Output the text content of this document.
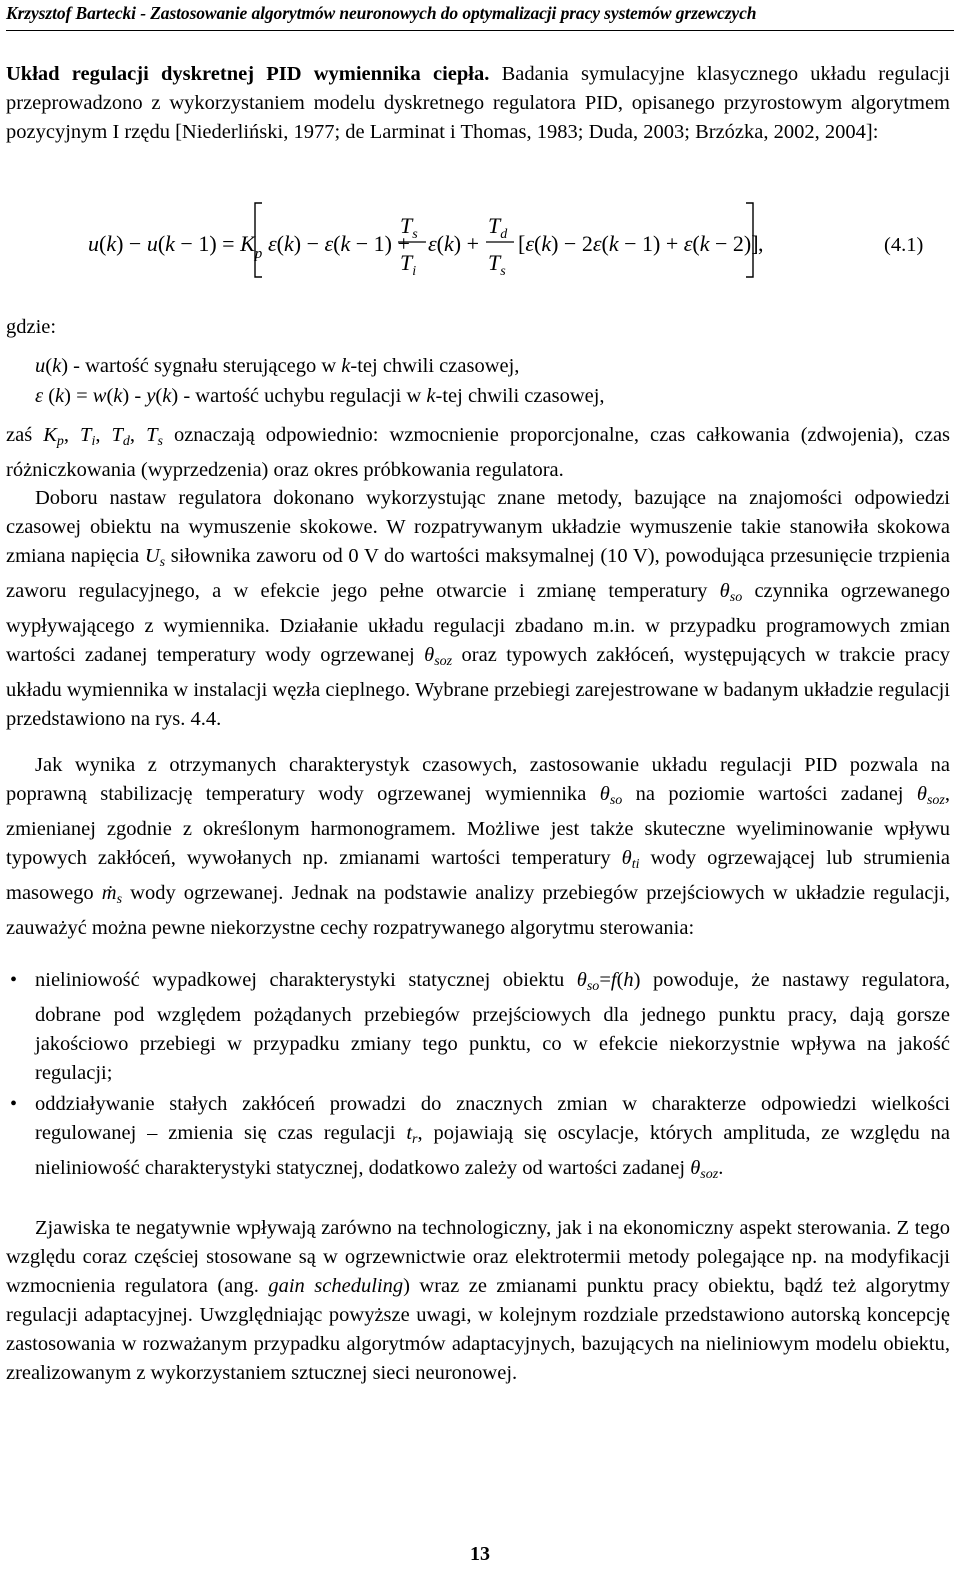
Krzysztof Bartecki - Zastosowanie algorytmów neuronowych do optymalizacji pracy systemów grzewczych

Układ regulacji dyskretnej PID wymiennika ciepła. Badania symulacyjne klasycznego układu regulacji przeprowadzono z wykorzystaniem modelu dyskretnego regulatora PID, opisanego przyrostowym algorytmem pozycyjnym I rzędu [Niederliński, 1977; de Larminat i Thomas, 1983; Duda, 2003; Brzózka, 2002, 2004]:

$u(k) - u(k - 1) = K_p$ ε(k) − ε(k − 1) +
$T_s$
$T_i$
ε(k) +
$T_d$
$T_s$
[ε(k) − 2ε(k − 1) + ε(k − 2)] ,	(4.1)

gdzie:

u(k) - wartość sygnału sterującego w k-tej chwili czasowej,

ε (k) = w(k) - y(k) - wartość uchybu regulacji w k-tej chwili czasowej,

zaś $K_p$, $T_i$, $T_d$, $T_s$ oznaczają odpowiednio: wzmocnienie proporcjonalne, czas całkowania (zdwojenia), czas różniczkowania (wyprzedzenia) oraz okres próbkowania regulatora.

Doboru nastaw regulatora dokonano wykorzystując znane metody, bazujące na znajomości odpowiedzi czasowej obiektu na wymuszenie skokowe. W rozpatrywanym układzie wymuszenie takie stanowiła skokowa zmiana napięcia $U_s$ siłownika zaworu od 0 V do wartości maksymalnej (10 V), powodująca przesunięcie trzpienia zaworu regulacyjnego, a w efekcie jego pełne otwarcie i zmianę temperatury $\theta_{so}$ czynnika ogrzewanego wypływającego z wymiennika. Działanie układu regulacji zbadano m.in. w przypadku programowych zmian wartości zadanej temperatury wody ogrzewanej $\theta_{soz}$ oraz typowych zakłóceń, występujących w trakcie pracy układu wymiennika w instalacji węzła cieplnego. Wybrane przebiegi zarejestrowane w badanym układzie regulacji przedstawiono na rys. 4.4.

Jak wynika z otrzymanych charakterystyk czasowych, zastosowanie układu regulacji PID pozwala na poprawną stabilizację temperatury wody ogrzewanej wymiennika $\theta_{so}$ na poziomie wartości zadanej $\theta_{soz}$, zmienianej zgodnie z określonym harmonogramem. Możliwe jest także skuteczne wyeliminowanie wpływu typowych zakłóceń, wywołanych np. zmianami wartości temperatury $\theta_{ti}$ wody ogrzewającej lub strumienia masowego ṁ$_s$ wody ogrzewanej. Jednak na podstawie analizy przebiegów przejściowych w układzie regulacji, zauważyć można pewne niekorzystne cechy rozpatrywanego algorytmu sterowania:

• nieliniowość wypadkowej charakterystyki statycznej obiektu $\theta_{so}=f(h)$ powoduje, że nastawy regulatora, dobrane pod względem pożądanych przebiegów przejściowych dla jednego punktu pracy, dają gorsze jakościowo przebiegi w przypadku zmiany tego punktu, co w efekcie niekorzystnie wpływa na jakość regulacji;

• oddziaływanie stałych zakłóceń prowadzi do znacznych zmian w charakterze odpowiedzi wielkości regulowanej – zmienia się czas regulacji $t_r$, pojawiają się oscylacje, których amplituda, ze względu na nieliniowość charakterystyki statycznej, dodatkowo zależy od wartości zadanej $\theta_{soz}$.

Zjawiska te negatywnie wpływają zarówno na technologiczny, jak i na ekonomiczny aspekt sterowania. Z tego względu coraz częściej stosowane są w ogrzewnictwie oraz elektrotermii metody polegające np. na modyfikacji wzmocnienia regulatora (ang. gain scheduling) wraz ze zmianami punktu pracy obiektu, bądź też algorytmy regulacji adaptacyjnej. Uwzględniając powyższe uwagi, w kolejnym rozdziale przedstawiono autorską koncepcję zastosowania w rozważanym przypadku algorytmów adaptacyjnych, bazujących na nieliniowym modelu obiektu, zrealizowanym z wykorzystaniem sztucznej sieci neuronowej.

13
